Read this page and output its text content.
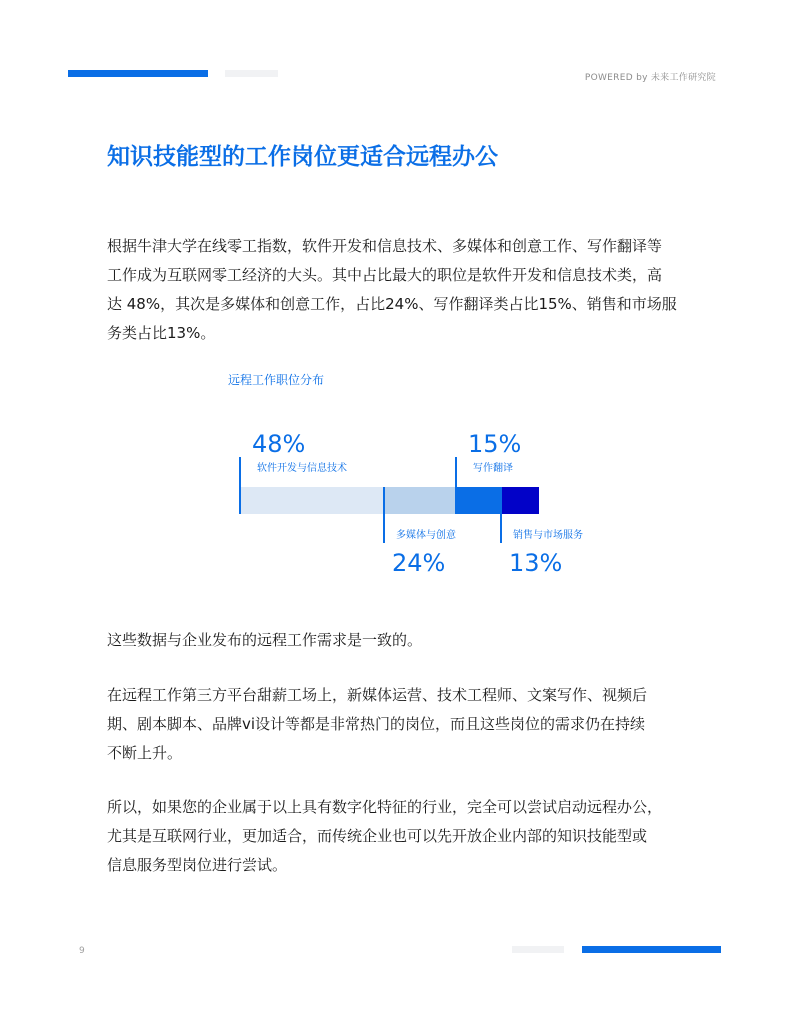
POWERED by 未来工作研究院
知识技能型的工作岗位更适合远程办公
根据牛津大学在线零工指数，软件开发和信息技术、多媒体和创意工作、写作翻译等
工作成为互联网零工经济的大头。其中占比最大的职位是软件开发和信息技术类，高
达 48%，其次是多媒体和创意工作，占比24%、写作翻译类占比15%、销售和市场服
务类占比13%。
远程工作职位分布
48%
24%
15%
13%
软件开发与信息技术
多媒体与创意
写作翻译
销售与市场服务
这些数据与企业发布的远程工作需求是一致的。
在远程工作第三方平台甜薪工场上，新媒体运营、技术工程师、文案写作、视频后
期、剧本脚本、品牌vi设计等都是非常热门的岗位，而且这些岗位的需求仍在持续
不断上升。
所以，如果您的企业属于以上具有数字化特征的行业，完全可以尝试启动远程办公，
尤其是互联网行业，更加适合，而传统企业也可以先开放企业内部的知识技能型或
信息服务型岗位进行尝试。
9
